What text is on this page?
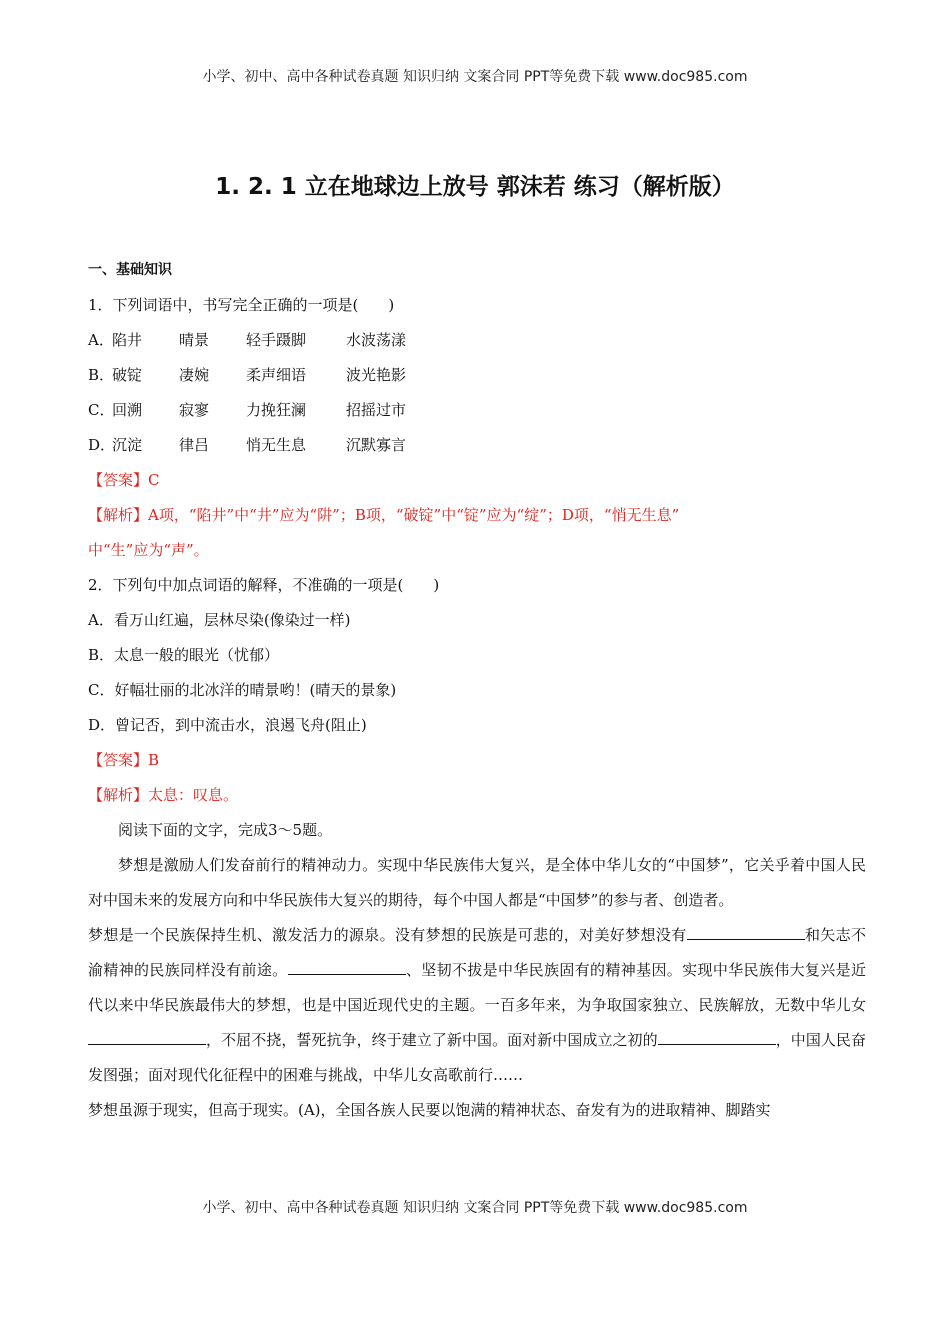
小学、初中、高中各种试卷真题 知识归纳 文案合同 PPT等免费下载 www.doc985.com
1. 2. 1 立在地球边上放号 郭沫若 练习（解析版）
一、基础知识
1．下列词语中，书写完全正确的一项是(　　)
A．
陷井	晴景	轻手蹑脚	水波荡漾
B．
破锭	凄婉	柔声细语	波光艳影
C．
回溯	寂寥	力挽狂澜	招摇过市
D．
沉淀	律吕	悄无生息	沉默寡言
【答案】C
【解析】A项，“陷井”中“井”应为“阱”；B项，“破锭”中“锭”应为“绽”；D项，“悄无生息”
中“生”应为“声”。
2．下列句中加点词语的解释，不准确的一项是(　　)
A．看万山红遍，层林尽染(像染过一样)
B．太息一般的眼光（忧郁）
C．好幅壮丽的北冰洋的晴景哟！(晴天的景象)
D．曾记否，到中流击水，浪遏飞舟(阻止)
【答案】B
【解析】太息：叹息。
阅读下面的文字，完成3～5题。
梦想是激励人们发奋前行的精神动力。实现中华民族伟大复兴，是全体中华儿女的“中国梦”，它关乎着中国人民对中国未来的发展方向和中华民族伟大复兴的期待，每个中国人都是“中国梦”的参与者、创造者。
梦想是一个民族保持生机、激发活力的源泉。没有梦想的民族是可悲的，对美好梦想没有	和矢志不渝精神的民族同样没有前途。	、坚韧不拔是中华民族固有的精神基因。实现中华民族伟大复兴是近代以来中华民族最伟大的梦想，也是中国近现代史的主题。一百多年来，为争取国家独立、民族解放，无数中华儿女，不屈不挠，誓死抗争，终于建立了新中国。面对新中国成立之初的	，中国人民奋发图强；面对现代化征程中的困难与挑战，中华儿女高歌前行……
梦想虽源于现实，但高于现实。(A)，全国各族人民要以饱满的精神状态、奋发有为的进取精神、脚踏实
小学、初中、高中各种试卷真题 知识归纳 文案合同 PPT等免费下载 www.doc985.com
